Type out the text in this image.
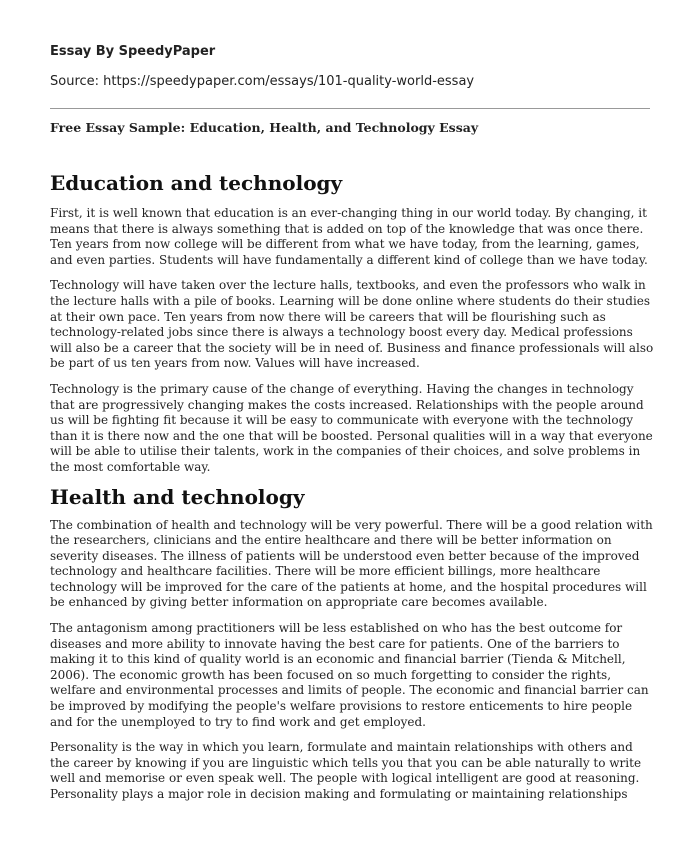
Essay By SpeedyPaper
Source: https://speedypaper.com/essays/101-quality-world-essay
Free Essay Sample: Education, Health, and Technology Essay
Education and technology

First, it is well known that education is an ever-changing thing in our world today. By changing, it means that there is always something that is added on top of the knowledge that was once there. Ten years from now college will be different from what we have today, from the learning, games, and even parties. Students will have fundamentally a different kind of college than we have today.

Technology will have taken over the lecture halls, textbooks, and even the professors who walk in the lecture halls with a pile of books. Learning will be done online where students do their studies at their own pace. Ten years from now there will be careers that will be flourishing such as technology-related jobs since there is always a technology boost every day. Medical professions will also be a career that the society will be in need of. Business and finance professionals will also be part of us ten years from now. Values will have increased.

Technology is the primary cause of the change of everything. Having the changes in technology that are progressively changing makes the costs increased. Relationships with the people around us will be fighting fit because it will be easy to communicate with everyone with the technology than it is there now and the one that will be boosted. Personal qualities will in a way that everyone will be able to utilise their talents, work in the companies of their choices, and solve problems in the most comfortable way.

Health and technology

The combination of health and technology will be very powerful. There will be a good relation with the researchers, clinicians and the entire healthcare and there will be better information on severity diseases. The illness of patients will be understood even better because of the improved technology and healthcare facilities. There will be more efficient billings, more healthcare technology will be improved for the care of the patients at home, and the hospital procedures will be enhanced by giving better information on appropriate care becomes available.

The antagonism among practitioners will be less established on who has the best outcome for diseases and more ability to innovate having the best care for patients. One of the barriers to making it to this kind of quality world is an economic and financial barrier (Tienda & Mitchell, 2006). The economic growth has been focused on so much forgetting to consider the rights, welfare and environmental processes and limits of people. The economic and financial barrier can be improved by modifying the people's welfare provisions to restore enticements to hire people and for the unemployed to try to find work and get employed.

Personality is the way in which you learn, formulate and maintain relationships with others and the career by knowing if you are linguistic which tells you that you can be able naturally to write well and memorise or even speak well. The people with logical intelligent are good at reasoning. Personality plays a major role in decision making and formulating or maintaining relationships
